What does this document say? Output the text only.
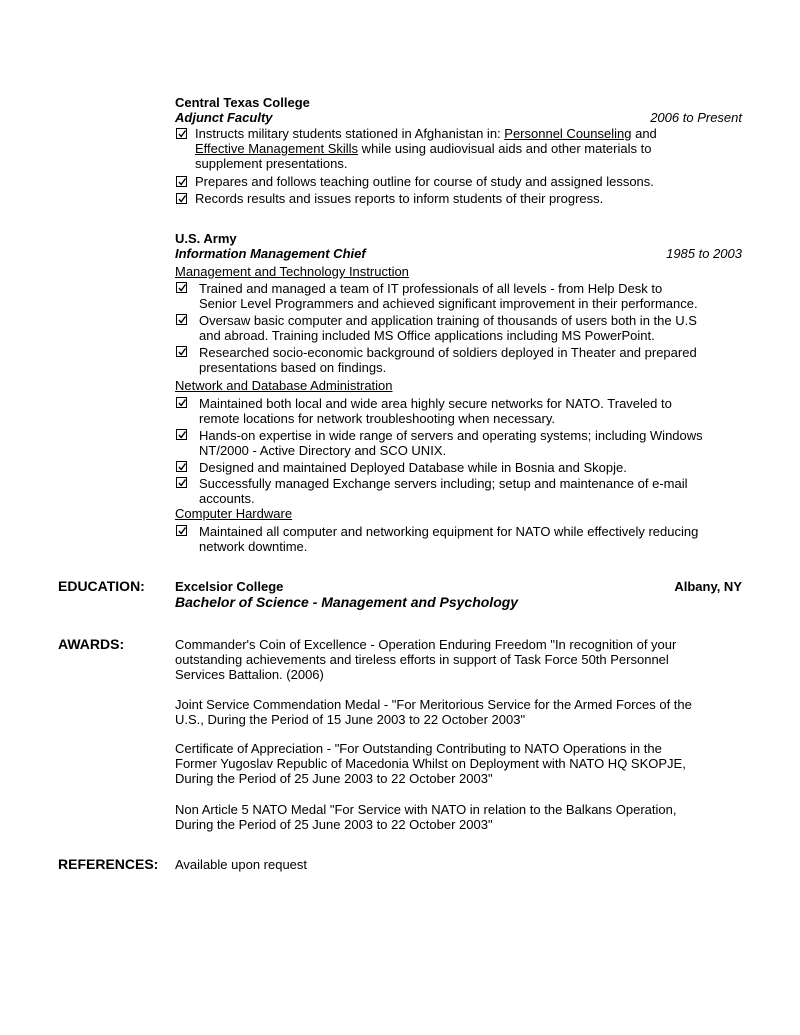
Central Texas College
Adjunct Faculty	2006 to Present
Instructs military students stationed in Afghanistan in: Personnel Counseling and
Effective Management Skills while using audiovisual aids and other materials to
supplement presentations.
Prepares and follows teaching outline for course of study and assigned lessons.
Records results and issues reports to inform students of their progress.
U.S. Army
Information Management Chief	1985 to 2003
Management and Technology Instruction
Trained and managed a team of IT professionals of all levels - from Help Desk to
Senior Level Programmers and achieved significant improvement in their performance.
Oversaw basic computer and application training of thousands of users both in the U.S
and abroad. Training included MS Office applications including MS PowerPoint.
Researched socio-economic background of soldiers deployed in Theater and prepared
presentations based on findings.
Network and Database Administration
Maintained both local and wide area highly secure networks for NATO. Traveled to
remote locations for network troubleshooting when necessary.
Hands-on expertise in wide range of servers and operating systems; including Windows
NT/2000 - Active Directory and SCO UNIX.
Designed and maintained Deployed Database while in Bosnia and Skopje.
Successfully managed Exchange servers including; setup and maintenance of e-mail
accounts.
Computer Hardware
Maintained all computer and networking equipment for NATO while effectively reducing
network downtime.
EDUCATION: Excelsior College	Albany, NY
Bachelor of Science - Management and Psychology
AWARDS:	Commander's Coin of Excellence - Operation Enduring Freedom "In recognition of your
outstanding achievements and tireless efforts in support of Task Force 50th Personnel
Services Battalion. (2006)
Joint Service Commendation Medal - "For Meritorious Service for the Armed Forces of the
U.S., During the Period of 15 June 2003 to 22 October 2003"
Certificate of Appreciation - "For Outstanding Contributing to NATO Operations in the
Former Yugoslav Republic of Macedonia Whilst on Deployment with NATO HQ SKOPJE,
During the Period of 25 June 2003 to 22 October 2003"
Non Article 5 NATO Medal "For Service with NATO in relation to the Balkans Operation,
During the Period of 25 June 2003 to 22 October 2003"
REFERENCES: Available upon request
